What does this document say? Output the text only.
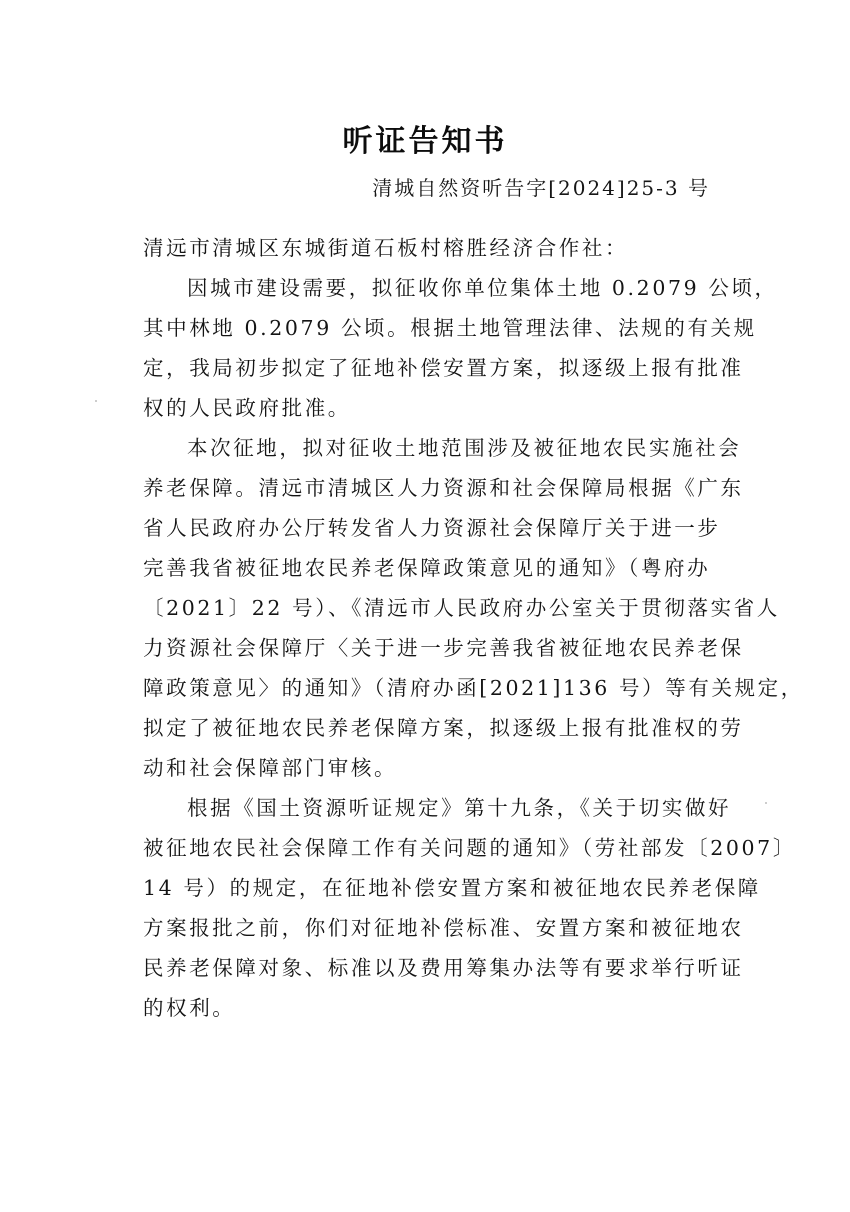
听证告知书
清城自然资听告字[2024]25-3 号
清远市清城区东城街道石板村榕胜经济合作社：
因城市建设需要，拟征收你单位集体土地 0.2079 公顷，
其中林地 0.2079 公顷。根据土地管理法律、法规的有关规
定，我局初步拟定了征地补偿安置方案，拟逐级上报有批准
权的人民政府批准。
本次征地，拟对征收土地范围涉及被征地农民实施社会
养老保障。清远市清城区人力资源和社会保障局根据《广东
省人民政府办公厅转发省人力资源社会保障厅关于进一步
完善我省被征地农民养老保障政策意见的通知》（粤府办
〔2021〕22 号）、《清远市人民政府办公室关于贯彻落实省人
力资源社会保障厅〈关于进一步完善我省被征地农民养老保
障政策意见〉的通知》（清府办函[2021]136 号）等有关规定，
拟定了被征地农民养老保障方案，拟逐级上报有批准权的劳
动和社会保障部门审核。
根据《国土资源听证规定》第十九条，《关于切实做好
被征地农民社会保障工作有关问题的通知》（劳社部发〔2007〕
14 号）的规定，在征地补偿安置方案和被征地农民养老保障
方案报批之前，你们对征地补偿标准、安置方案和被征地农
民养老保障对象、标准以及费用筹集办法等有要求举行听证
的权利。
